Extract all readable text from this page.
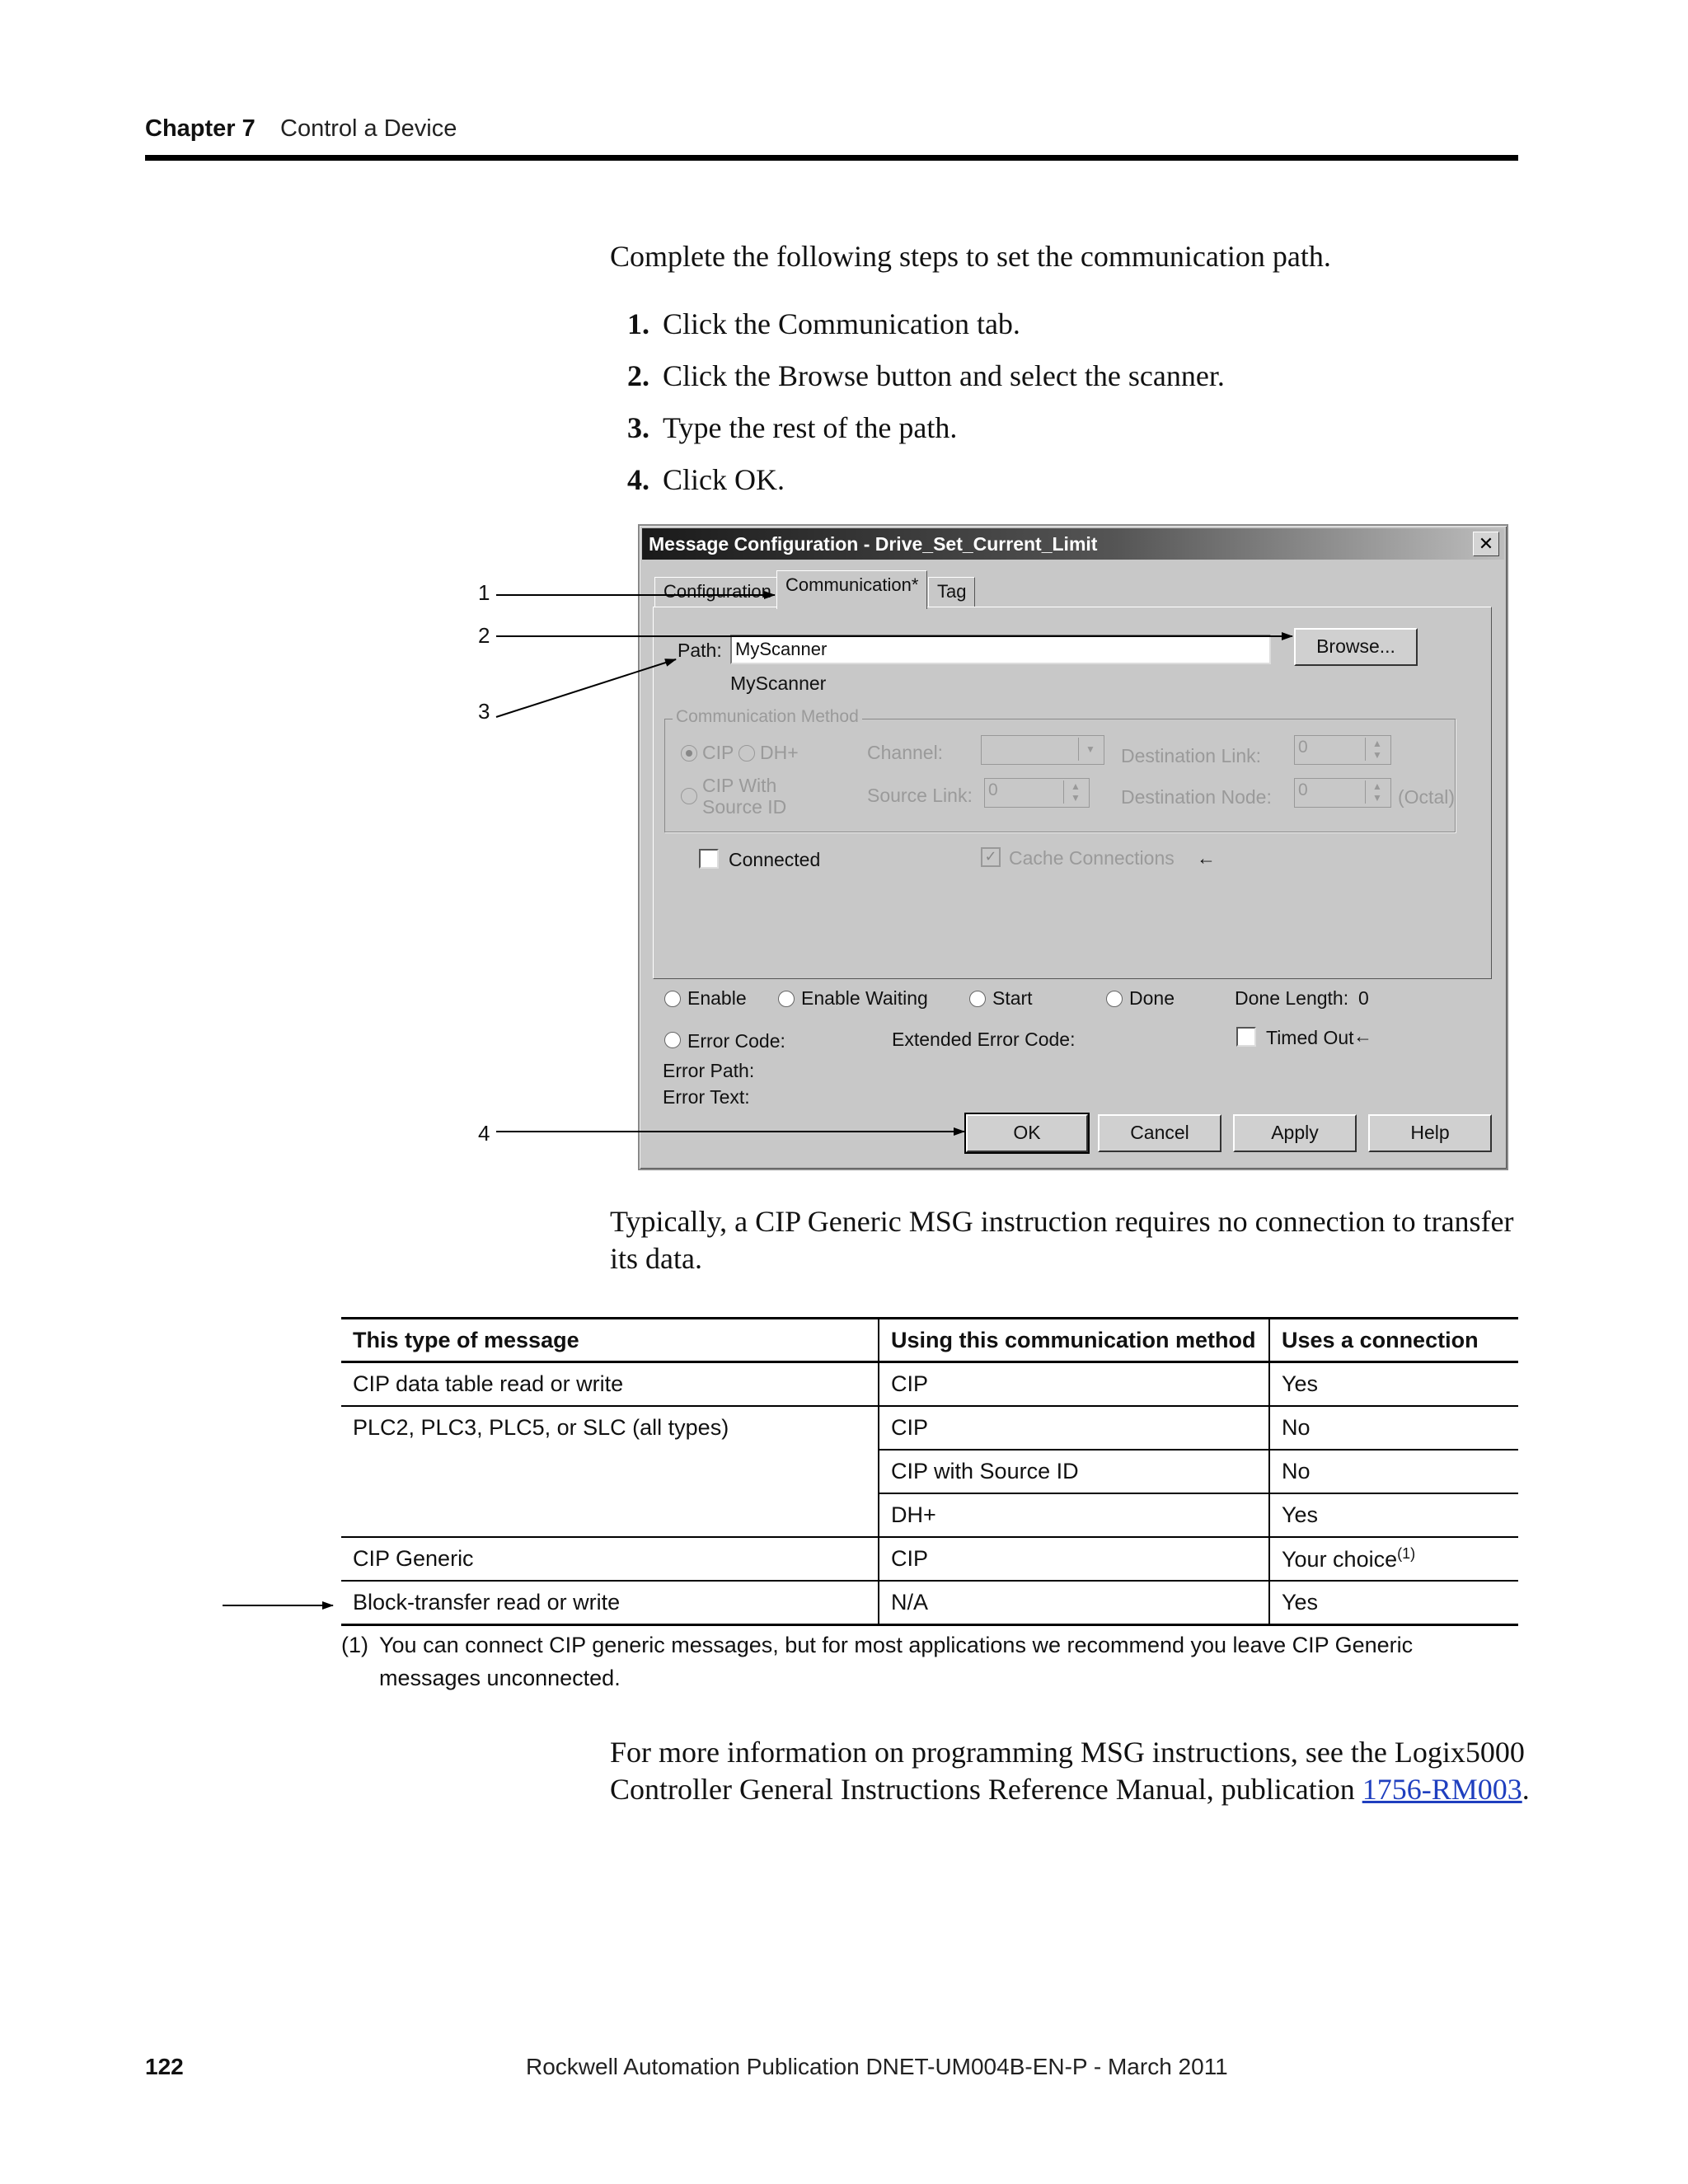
Chapter 7 Control a Device
Complete the following steps to set the communication path.
1. Click the Communication tab.
2. Click the Browse button and select the scanner.
3. Type the rest of the path.
4. Click OK.
Message Configuration - Drive_Set_Current_Limit	✕
Configuration Communication*	Tag
Path: MyScanner	Browse...
MyScanner
Communication Method
CIP DH+	Channel:	▼	Destination Link: 0	▲
▼
CIP With
Source ID
Source Link: 0	▲
▼	Destination Node: 0	▲
▼ (Octal)
Connected	✓ Cache Connections ←
Enable	Enable Waiting	Start	Done	Done Length: 0
Error Code:	Extended Error Code:	Timed Out ←
Error Path:
Error Text:
OK	Cancel	Apply	Help
1
2
3
4
Typically, a CIP Generic MSG instruction requires no connection to transfer its data.
This type of message	Using this communication method	Uses a connection
CIP data table read or write	CIP	Yes
PLC2, PLC3, PLC5, or SLC (all types)	CIP	No
	CIP with Source ID	No
	DH+	Yes
CIP Generic	CIP	Your choice$^{(1)}$
Block-transfer read or write	N/A	Yes
(1) You can connect CIP generic messages, but for most applications we recommend you leave CIP Generic messages unconnected.
For more information on programming MSG instructions, see the Logix5000 Controller General Instructions Reference Manual, publication 1756-RM003.
122	Rockwell Automation Publication DNET-UM004B-EN-P - March 2011
